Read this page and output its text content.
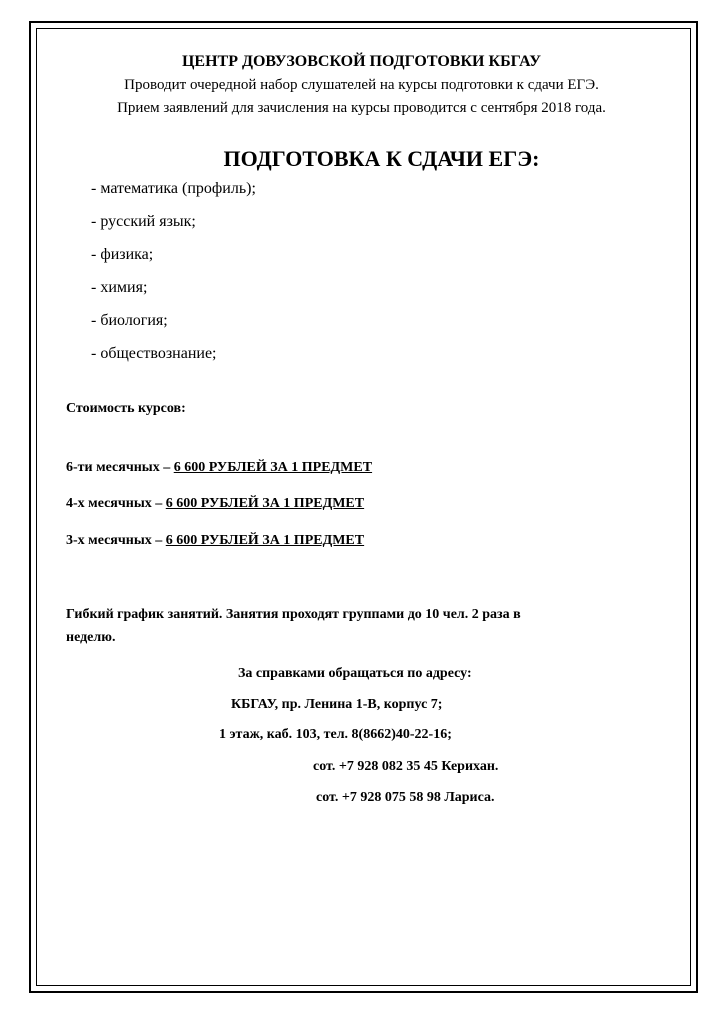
ЦЕНТР ДОВУЗОВСКОЙ ПОДГОТОВКИ КБГАУ
Проводит очередной набор слушателей на курсы подготовки к сдачи ЕГЭ.
Прием заявлений для зачисления на курсы проводится с сентября 2018 года.
ПОДГОТОВКА К СДАЧИ ЕГЭ:
- математика (профиль);
- русский язык;
- физика;
- химия;
- биология;
- обществознание;
Стоимость курсов:
6-ти месячных – 6 600 РУБЛЕЙ ЗА 1 ПРЕДМЕТ
4-х месячных – 6 600 РУБЛЕЙ ЗА 1 ПРЕДМЕТ
3-х месячных – 6 600 РУБЛЕЙ ЗА 1 ПРЕДМЕТ
Гибкий график занятий. Занятия проходят группами до 10 чел. 2 раза в
неделю.
За справками обращаться по адресу:
КБГАУ, пр. Ленина 1-В, корпус 7;
1 этаж, каб. 103, тел. 8(8662)40-22-16;
сот. +7 928 082 35 45 Керихан.
сот. +7 928 075 58 98 Лариса.
